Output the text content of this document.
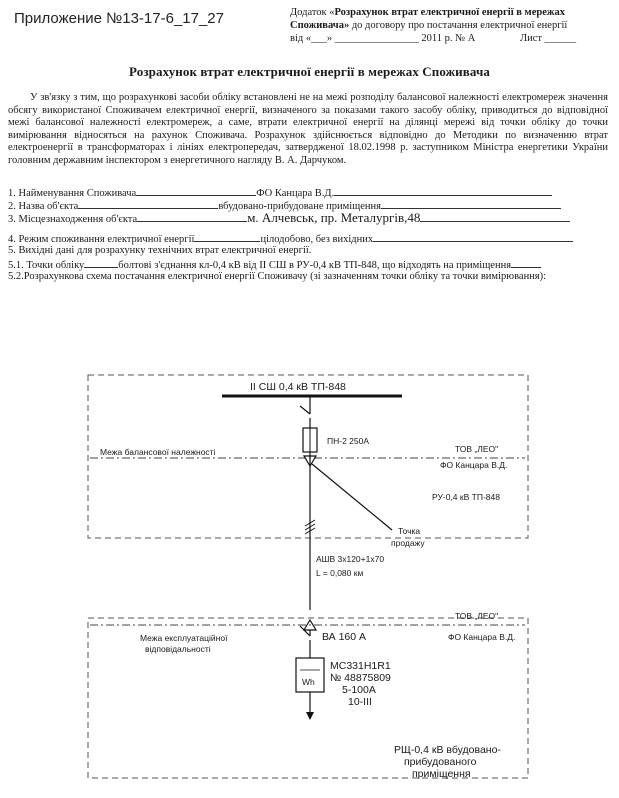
Приложение №13-17-6_17_27	Додаток «Розрахунок втрат електричної енергії в мережах
Споживача» до договору про постачання електричної енергії
від «___» ________________ 2011 р. № А	Лист ______
Розрахунок втрат електричної енергії в мережах Споживача
У зв'язку з тим, що розрахункові засоби обліку встановлені не на межі розподілу балансової належності електромереж значення обсягу використаної Споживачем електричної енергії, визначеного за показами такого засобу обліку, приводиться до відповідної межі балансової належності електромереж, а саме, втрати електричної енергії на ділянці мережі від точки обліку до точки вимірювання відносяться на рахунок Споживача. Розрахунок здійснюється відповідно до Методики по визначенню втрат електроенергії в трансформаторах і лініях електропередач, затвердженої 18.02.1998 р. заступником Міністра енергетики України головним державним інспектором з енергетичного нагляду В. А. Дарчуком.
1. Найменування Споживача	ФО Канцара В.Д.
2. Назва об'єкта	вбудовано-прибудоване приміщення
3. Місцезнаходження об'єкта	м. Алчевськ, пр. Металургів,48
4. Режим споживання електричної енергії	цілодобово, без вихідних
5. Вихідні дані для розрахунку технічних втрат електричної енергії.
5.1. Точки обліку	болтові з'єднання кл-0,4 кВ від II СШ в РУ-0,4 кВ ТП-848, що відходять на приміщення
5.2.Розрахункова схема постачання електричної енергії Споживачу (зі зазначенням точки обліку та точки вимірювання):
II СШ 0,4 кВ ТП-848
ПН-2 250А
Межа балансової належності	ТОВ „ЛЕО"
ФО Канцара В.Д.
РУ-0,4 кВ ТП-848
Точка
продажу
АШВ 3х120+1х70
L = 0,080 км
ТОВ „ЛЕО"
Межа експлуатаційної
відповідальності
ФО Канцара В.Д.
ВА 160 А
Wh
МС331Н1R1
№ 48875809
5-100А
10-III
РЩ-0,4 кВ вбудовано-
прибудованого
приміщення
